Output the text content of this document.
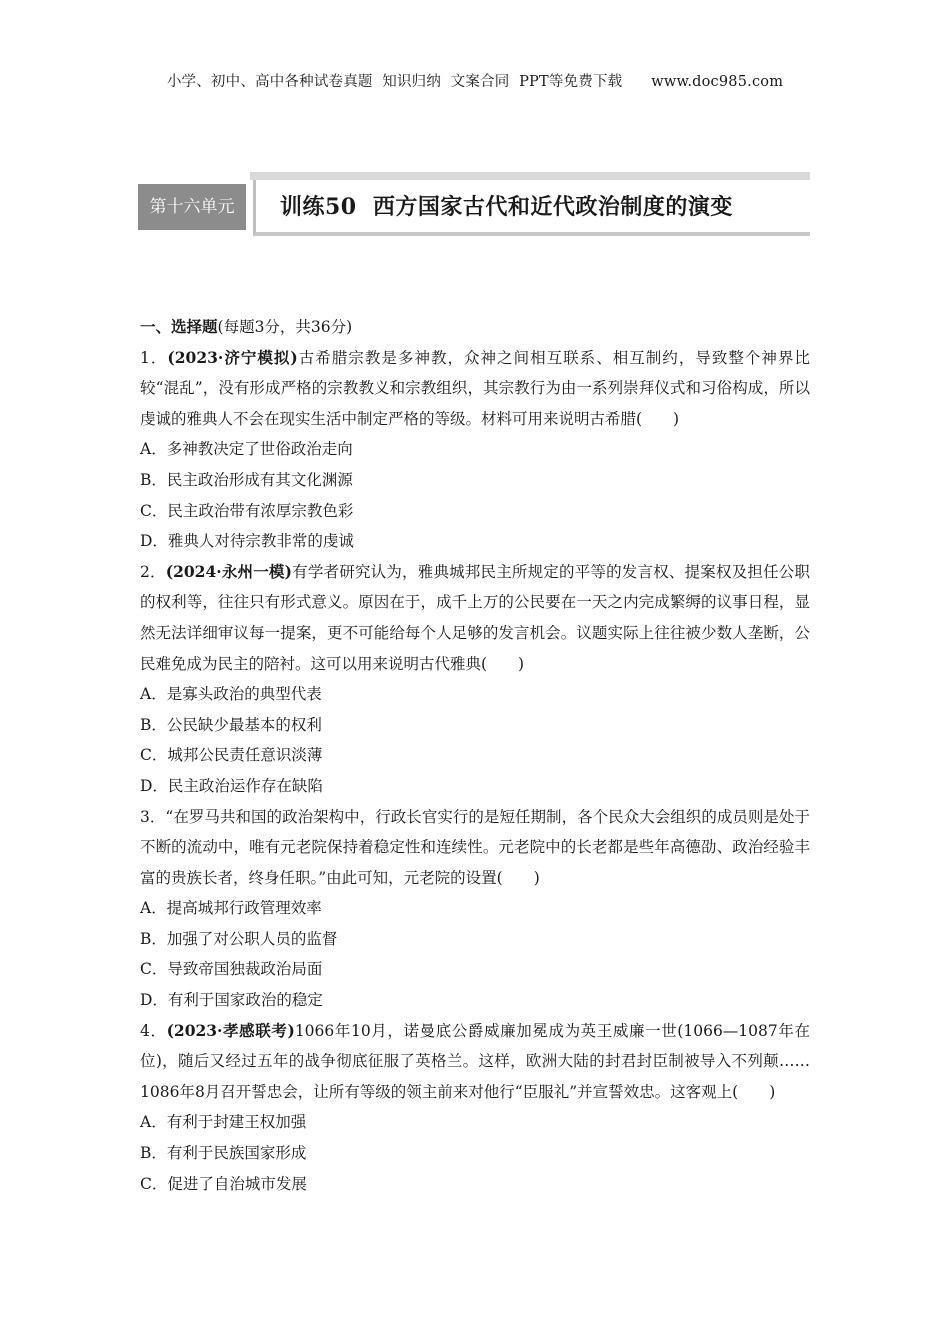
小学、初中、高中各种试卷真题  知识归纳  文案合同  PPT等免费下载      www.doc985.com
第十六单元	训练50  西方国家古代和近代政治制度的演变
一、选择题(每题3分，共36分)
1．(2023·济宁模拟)古希腊宗教是多神教，众神之间相互联系、相互制约，导致整个神界比较“混乱”，没有形成严格的宗教教义和宗教组织，其宗教行为由一系列崇拜仪式和习俗构成，所以虔诚的雅典人不会在现实生活中制定严格的等级。材料可用来说明古希腊(　　)
A．多神教决定了世俗政治走向
B．民主政治形成有其文化渊源
C．民主政治带有浓厚宗教色彩
D．雅典人对待宗教非常的虔诚
2．(2024·永州一模)有学者研究认为，雅典城邦民主所规定的平等的发言权、提案权及担任公职的权利等，往往只有形式意义。原因在于，成千上万的公民要在一天之内完成繁缛的议事日程，显然无法详细审议每一提案，更不可能给每个人足够的发言机会。议题实际上往往被少数人垄断，公民难免成为民主的陪衬。这可以用来说明古代雅典(　　)
A．是寡头政治的典型代表
B．公民缺少最基本的权利
C．城邦公民责任意识淡薄
D．民主政治运作存在缺陷
3．“在罗马共和国的政治架构中，行政长官实行的是短任期制，各个民众大会组织的成员则是处于不断的流动中，唯有元老院保持着稳定性和连续性。元老院中的长老都是些年高德劭、政治经验丰富的贵族长者，终身任职。”由此可知，元老院的设置(　　)
A．提高城邦行政管理效率
B．加强了对公职人员的监督
C．导致帝国独裁政治局面
D．有利于国家政治的稳定
4．(2023·孝感联考)1066年10月，诺曼底公爵威廉加冕成为英王威廉一世(1066—1087年在位)，随后又经过五年的战争彻底征服了英格兰。这样，欧洲大陆的封君封臣制被导入不列颠……1086年8月召开誓忠会，让所有等级的领主前来对他行“臣服礼”并宣誓效忠。这客观上(　　)
A．有利于封建王权加强
B．有利于民族国家形成
C．促进了自治城市发展
